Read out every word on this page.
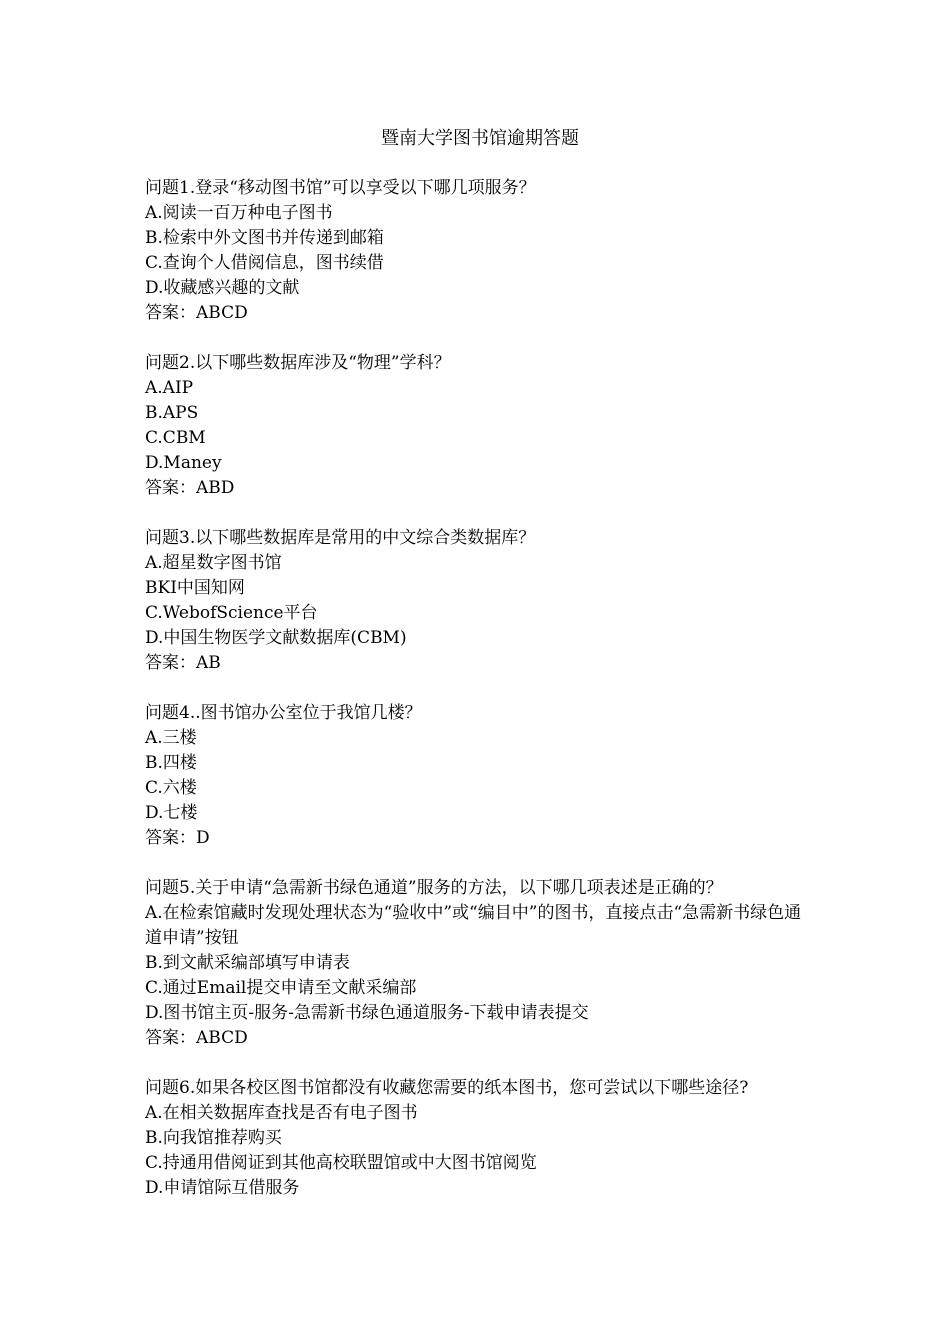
暨南大学图书馆逾期答题

问题1.登录“移动图书馆”可以享受以下哪几项服务？

A.阅读一百万种电子图书

B.检索中外文图书并传递到邮箱

C.查询个人借阅信息，图书续借

D.收藏感兴趣的文献

答案：ABCD

问题2.以下哪些数据库涉及“物理”学科？

A.AIP

B.APS

C.CBM

D.Maney

答案：ABD

问题3.以下哪些数据库是常用的中文综合类数据库？

A.超星数字图书馆

BKI中国知网

C.WebofScience平台

D.中国生物医学文献数据库(CBM)

答案：AB

问题4..图书馆办公室位于我馆几楼？

A.三楼

B.四楼

C.六楼

D.七楼

答案：D

问题5.关于申请“急需新书绿色通道”服务的方法，以下哪几项表述是正确的？

A.在检索馆藏时发现处理状态为“验收中”或“编目中”的图书，直接点击“急需新书绿色通道申请”按钮

B.到文献采编部填写申请表

C.通过Email提交申请至文献采编部

D.图书馆主页-服务-急需新书绿色通道服务-下载申请表提交

答案：ABCD

问题6.如果各校区图书馆都没有收藏您需要的纸本图书，您可尝试以下哪些途径?

A.在相关数据库查找是否有电子图书

B.向我馆推荐购买

C.持通用借阅证到其他高校联盟馆或中大图书馆阅览

D.申请馆际互借服务
